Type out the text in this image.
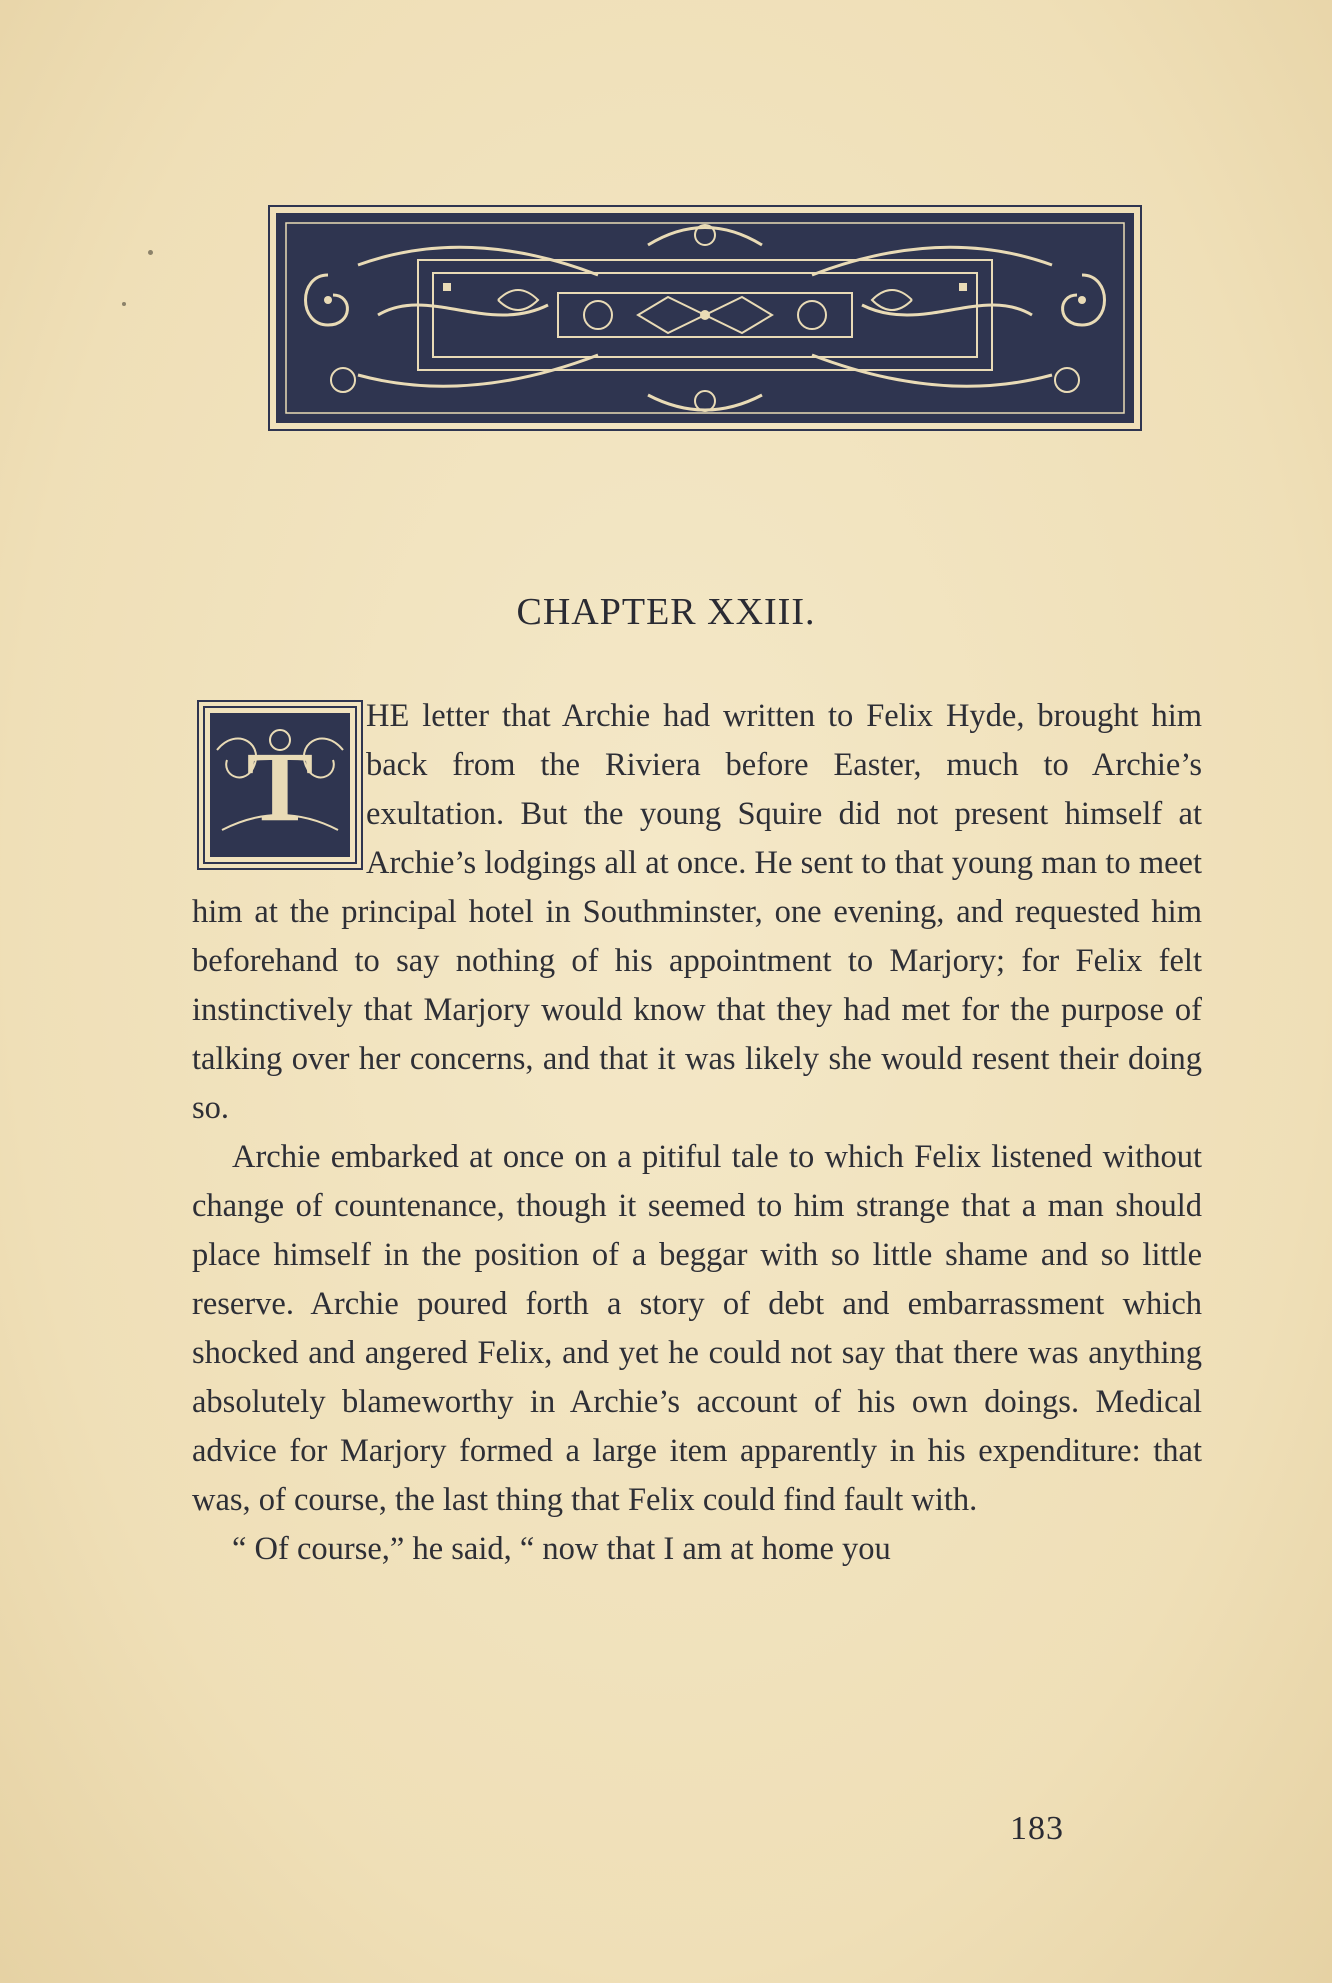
CHAPTER XXIII.
T

HE letter that Archie had written to Felix Hyde, brought him back from the Riviera before Easter, much to Archie’s exultation. But the young Squire did not present himself at Archie’s lodgings all at once. He sent to that young man to meet him at the principal hotel in Southminster, one evening, and requested him beforehand to say nothing of his appointment to Marjory; for Felix felt instinctively that Marjory would know that they had met for the purpose of talking over her concerns, and that it was likely she would resent their doing so.

Archie embarked at once on a pitiful tale to which Felix listened without change of countenance, though it seemed to him strange that a man should place himself in the position of a beggar with so little shame and so little reserve. Archie poured forth a story of debt and embarrassment which shocked and angered Felix, and yet he could not say that there was anything absolutely blameworthy in Archie’s account of his own doings. Medical advice for Marjory formed a large item apparently in his expenditure: that was, of course, the last thing that Felix could find fault with.

“ Of course,” he said, “ now that I am at home you

183
